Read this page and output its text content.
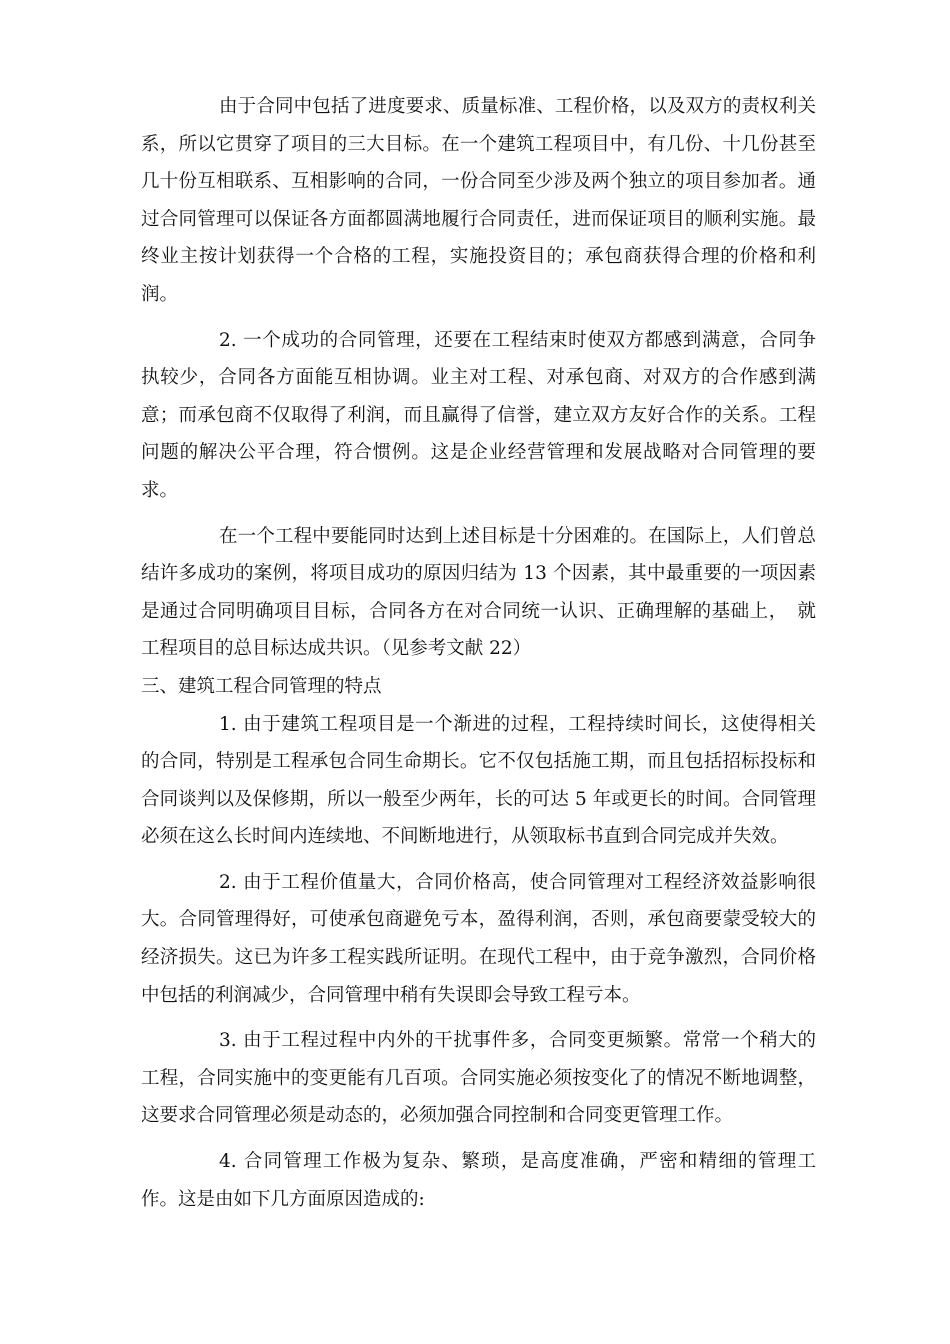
由于合同中包括了进度要求、质量标准、工程价格，以及双方的责权利关系，所以它贯穿了项目的三大目标。在一个建筑工程项目中，有几份、十几份甚至几十份互相联系、互相影响的合同，一份合同至少涉及两个独立的项目参加者。通过合同管理可以保证各方面都圆满地履行合同责任，进而保证项目的顺利实施。最终业主按计划获得一个合格的工程，实施投资目的；承包商获得合理的价格和利润。

2. 一个成功的合同管理，还要在工程结束时使双方都感到满意，合同争执较少，合同各方面能互相协调。业主对工程、对承包商、对双方的合作感到满意；而承包商不仅取得了利润，而且赢得了信誉，建立双方友好合作的关系。工程问题的解决公平合理，符合惯例。这是企业经营管理和发展战略对合同管理的要求。

在一个工程中要能同时达到上述目标是十分困难的。在国际上，人们曾总结许多成功的案例，将项目成功的原因归结为 13 个因素，其中最重要的一项因素是通过合同明确项目目标，合同各方在对合同统一认识、正确理解的基础上，　就工程项目的总目标达成共识。（见参考文献 22）

三、建筑工程合同管理的特点

1. 由于建筑工程项目是一个渐进的过程，工程持续时间长，这使得相关的合同，特别是工程承包合同生命期长。它不仅包括施工期，而且包括招标投标和合同谈判以及保修期，所以一般至少两年，长的可达 5 年或更长的时间。合同管理必须在这么长时间内连续地、不间断地进行，从领取标书直到合同完成并失效。

2. 由于工程价值量大，合同价格高，使合同管理对工程经济效益影响很大。合同管理得好，可使承包商避免亏本，盈得利润，否则，承包商要蒙受较大的经济损失。这已为许多工程实践所证明。在现代工程中，由于竞争激烈，合同价格中包括的利润减少，合同管理中稍有失误即会导致工程亏本。

3. 由于工程过程中内外的干扰事件多，合同变更频繁。常常一个稍大的工程，合同实施中的变更能有几百项。合同实施必须按变化了的情况不断地调整，这要求合同管理必须是动态的，必须加强合同控制和合同变更管理工作。

4. 合同管理工作极为复杂、繁琐，是高度准确，严密和精细的管理工作。这是由如下几方面原因造成的:
